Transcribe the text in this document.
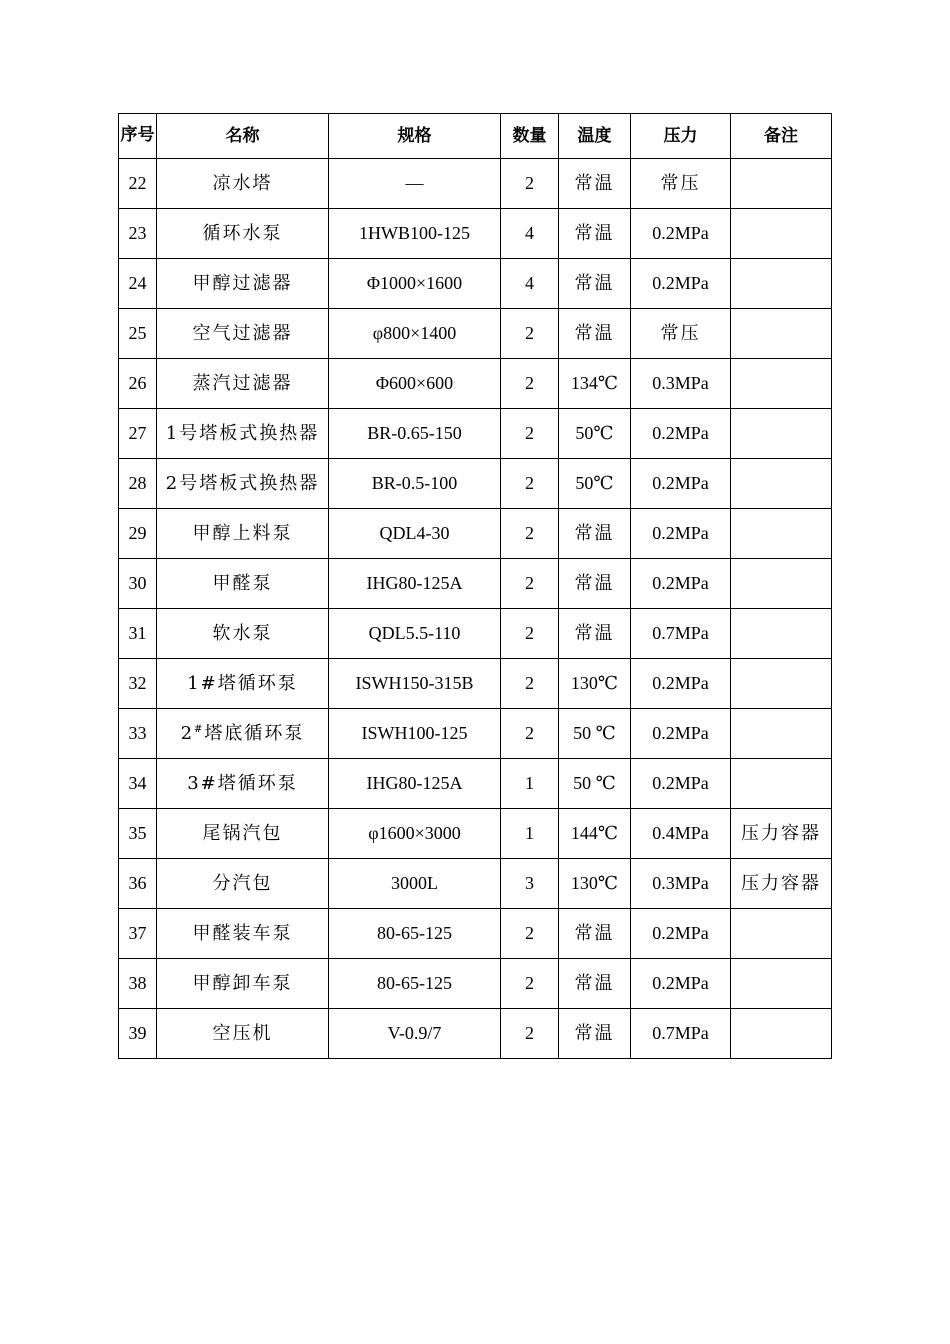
序号	名称	规格	数量	温度	压力	备注
22	凉水塔	—	2	常温	常压	
23	循环水泵	1HWB100-125	4	常温	0.2MPa	
24	甲醇过滤器	Φ1000×1600	4	常温	0.2MPa	
25	空气过滤器	φ800×1400	2	常温	常压	
26	蒸汽过滤器	Φ600×600	2	134℃	0.3MPa	
27	1号塔板式换热器	BR-0.65-150	2	50℃	0.2MPa	
28	2号塔板式换热器	BR-0.5-100	2	50℃	0.2MPa	
29	甲醇上料泵	QDL4-30	2	常温	0.2MPa	
30	甲醛泵	IHG80-125A	2	常温	0.2MPa	
31	软水泵	QDL5.5-110	2	常温	0.7MPa	
32	1#塔循环泵	ISWH150-315B	2	130℃	0.2MPa	
33	2#塔底循环泵	ISWH100-125	2	50 ℃	0.2MPa	
34	3#塔循环泵	IHG80-125A	1	50 ℃	0.2MPa	
35	尾锅汽包	φ1600×3000	1	144℃	0.4MPa	压力容器
36	分汽包	3000L	3	130℃	0.3MPa	压力容器
37	甲醛装车泵	80-65-125	2	常温	0.2MPa	
38	甲醇卸车泵	80-65-125	2	常温	0.2MPa	
39	空压机	V-0.9/7	2	常温	0.7MPa	
